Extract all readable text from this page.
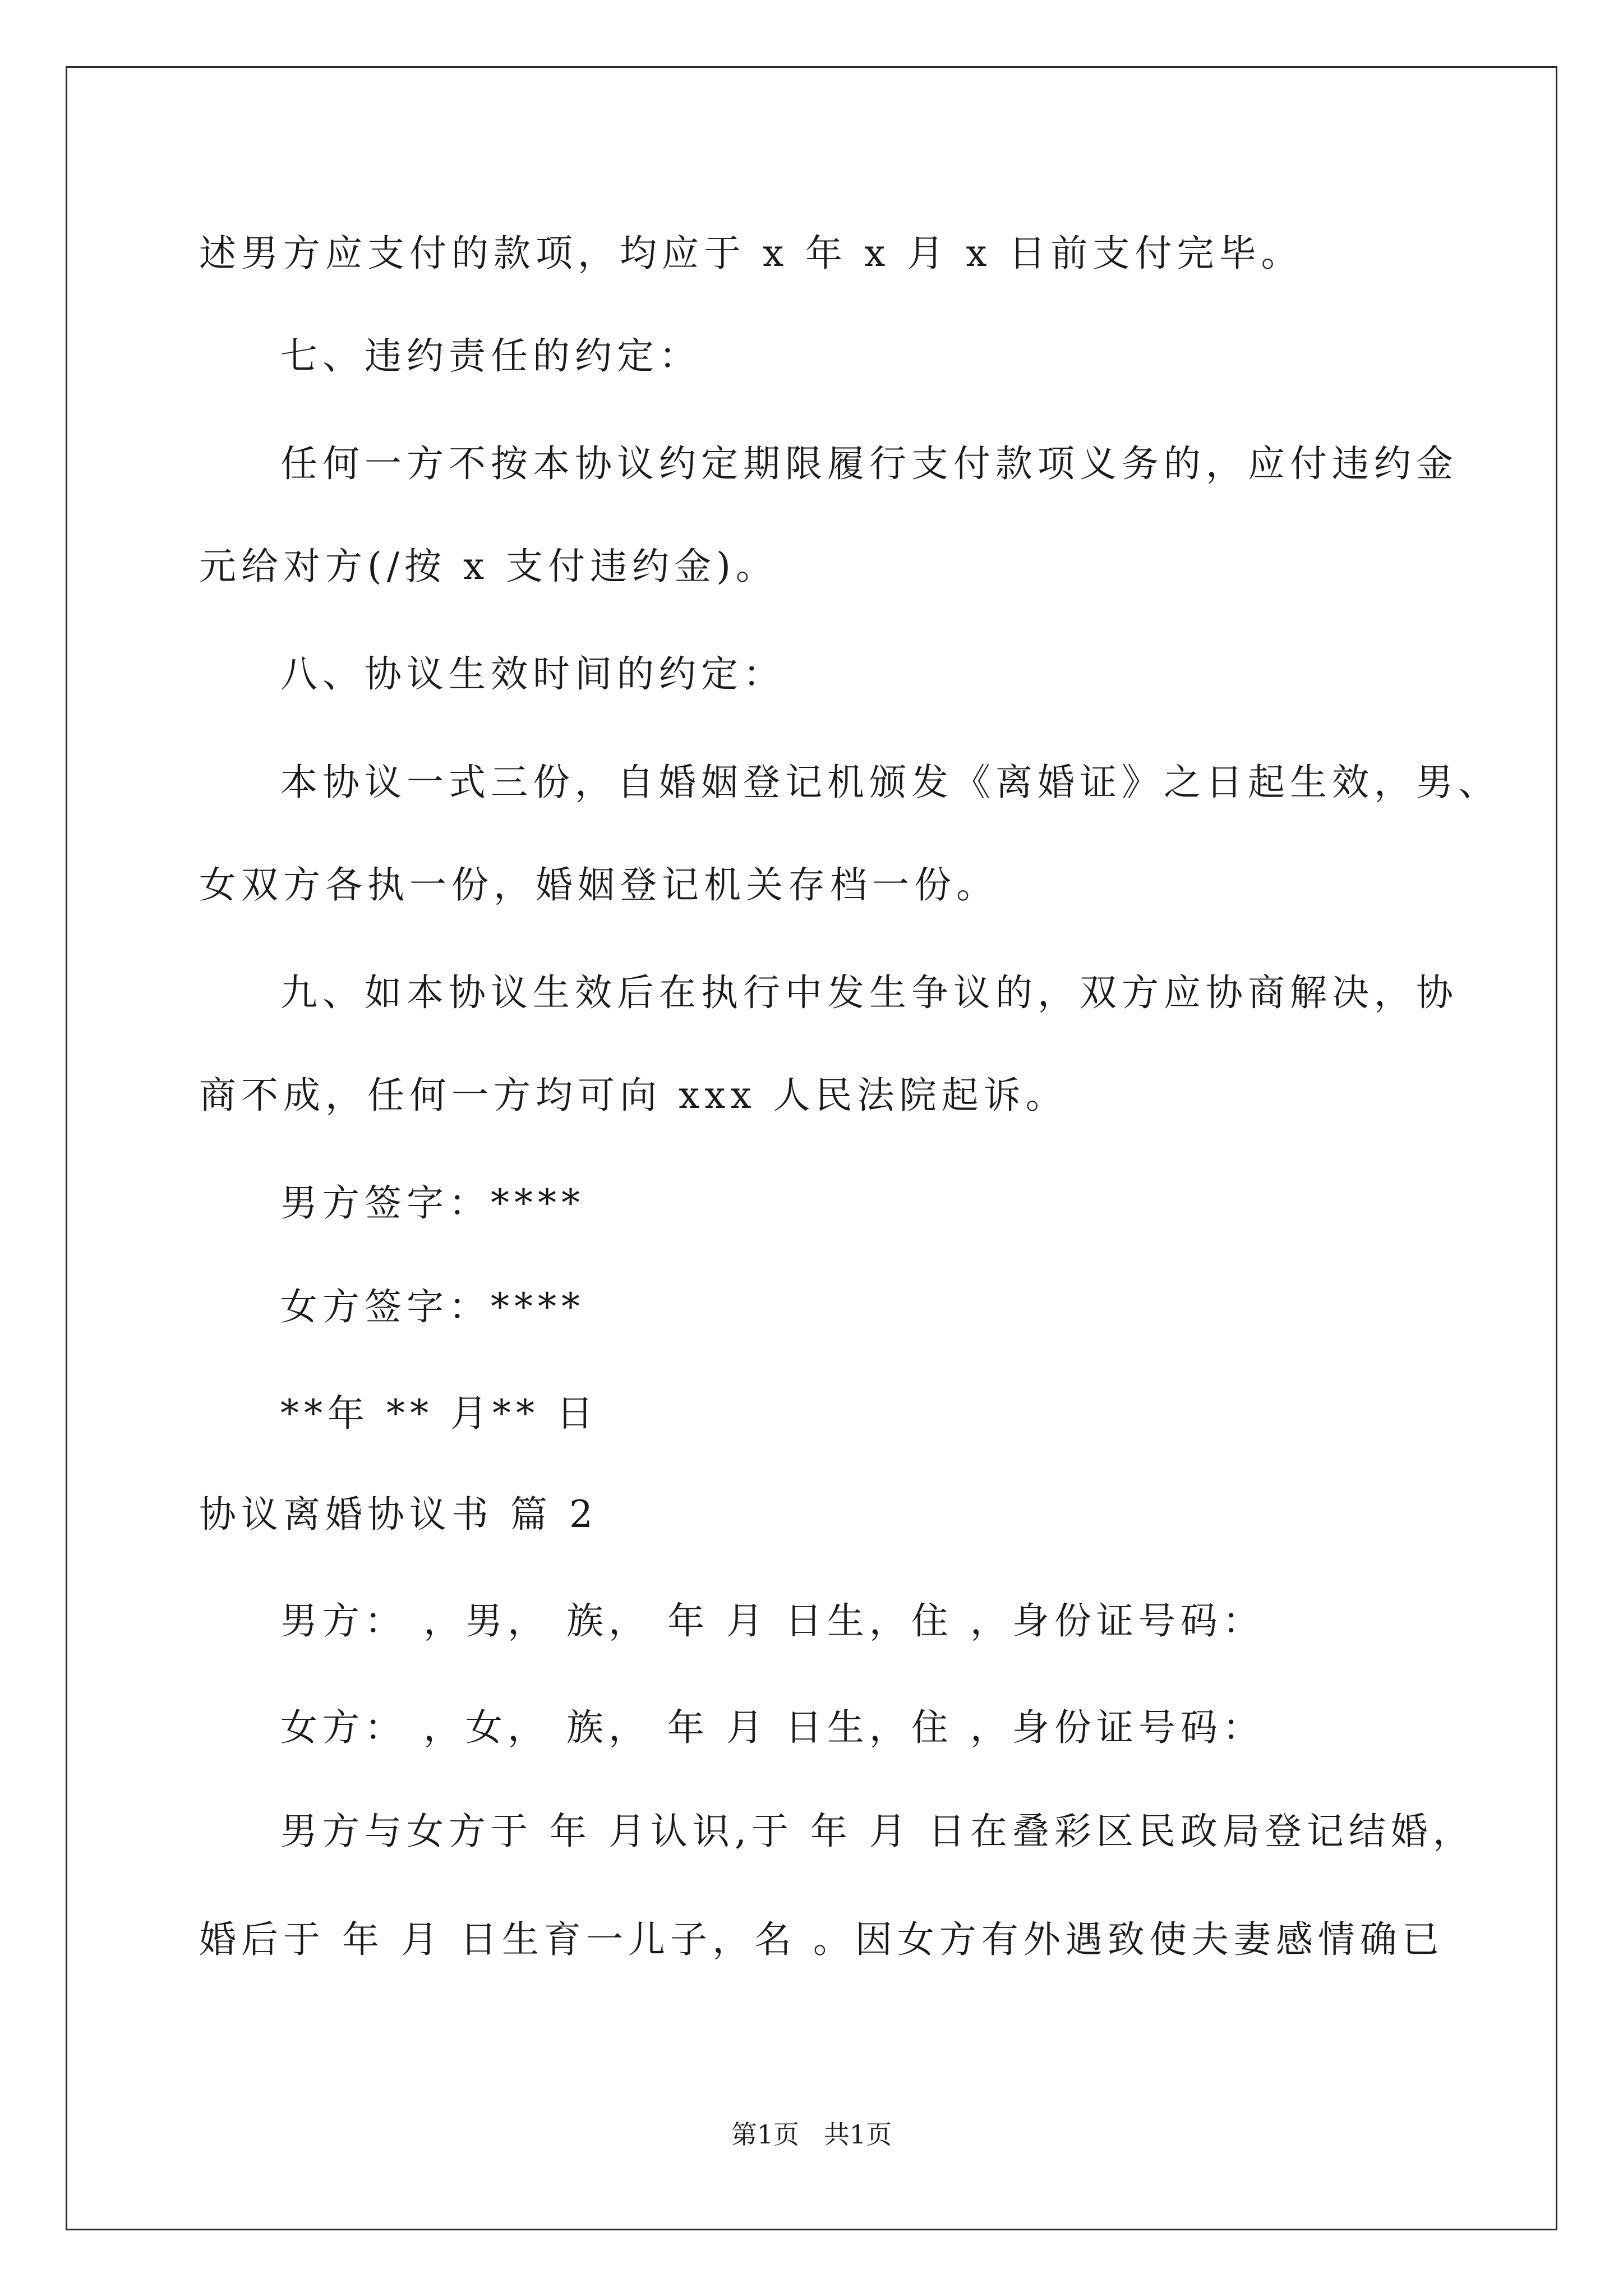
述男方应支付的款项，均应于 x 年 x 月 x 日前支付完毕。
七、违约责任的约定：
任何一方不按本协议约定期限履行支付款项义务的，应付违约金
元给对方(/按 x 支付违约金)。
八、协议生效时间的约定：
本协议一式三份，自婚姻登记机颁发《离婚证》之日起生效，男、
女双方各执一份，婚姻登记机关存档一份。
九、如本协议生效后在执行中发生争议的，双方应协商解决，协
商不成，任何一方均可向 xxx 人民法院起诉。
男方签字：****
女方签字：****
**年 ** 月** 日
协议离婚协议书 篇 2
男方： ，男， 族， 年 月 日生，住 ，身份证号码：
女方： ，女， 族， 年 月 日生，住 ，身份证号码：
男方与女方于 年 月认识,于 年 月 日在叠彩区民政局登记结婚，
婚后于 年 月 日生育一儿子，名 。因女方有外遇致使夫妻感情确已
第1页   共1页
